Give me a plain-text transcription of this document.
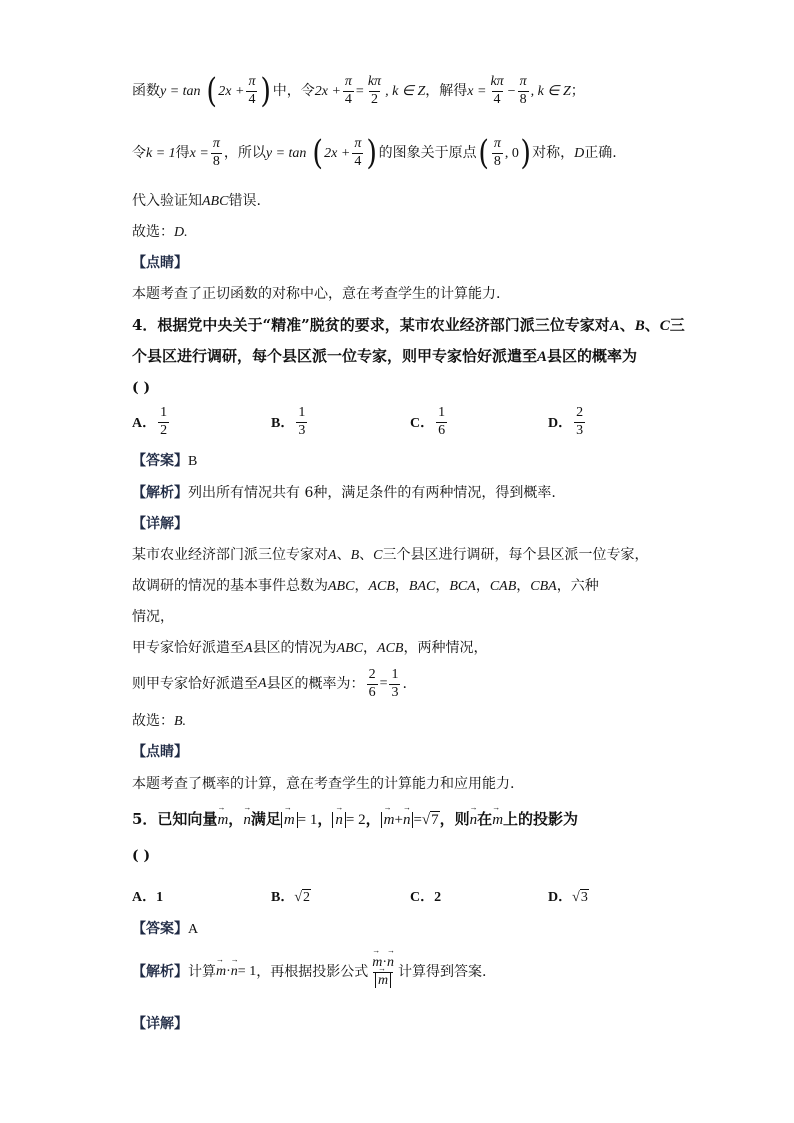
函数$y = \tan (2x + \frac{\pi}{4}$ )中，令$2x + \frac{\pi}{4} = \frac{k\pi}{2}$ , k ∈ Z，解得$x = \frac{k\pi}{4} - \frac{\pi}{8}$ , k ∈ Z；
令k = 1得$x = \frac{\pi}{8}$ ，所以$y = \tan (2x + \frac{\pi}{4}$ )的图象关于原点( $\frac{\pi}{8}$ , 0)对称，D正确.
代入验证知ABC错误.
故选：D.
【点睛】
本题考查了正切函数的对称中心，意在考查学生的计算能力.
4．根据党中央关于“精准”脱贫的要求，某市农业经济部门派三位专家对A、B、C三
个县区进行调研，每个县区派一位专家，则甲专家恰好派遣至A县区的概率为
( )
A． $\frac{1}{2}$	B． $\frac{1}{3}$	C． $\frac{1}{6}$	D． $\frac{2}{3}$
【答案】B
【解析】列出所有情况共有 6种，满足条件的有两种情况，得到概率.
【详解】
某市农业经济部门派三位专家对A、B、C三个县区进行调研，每个县区派一位专家，
故调研的情况的基本事件总数为ABC，ACB，BAC，BCA，CAB，CBA，六种
情况，
甲专家恰好派遣至A县区的情况为ABC，ACB，两种情况，
则甲专家恰好派遣至A县区的概率为： $\frac{2}{6} = \frac{1}{3}$ .
故选：B.
【点睛】
本题考查了概率的计算，意在考查学生的计算能力和应用能力.
5．已知向量→ m，→ n满足 → m = 1， → n = 2， → m+→ n =√7，则→ n在→ m上的投影为
( )
A．1	B．√2	C．2	D．√3
【答案】A
【解析】计算→ m·→ n= 1，再根据投影公式 → m·→ n
→ m 计算得到答案.
【详解】
